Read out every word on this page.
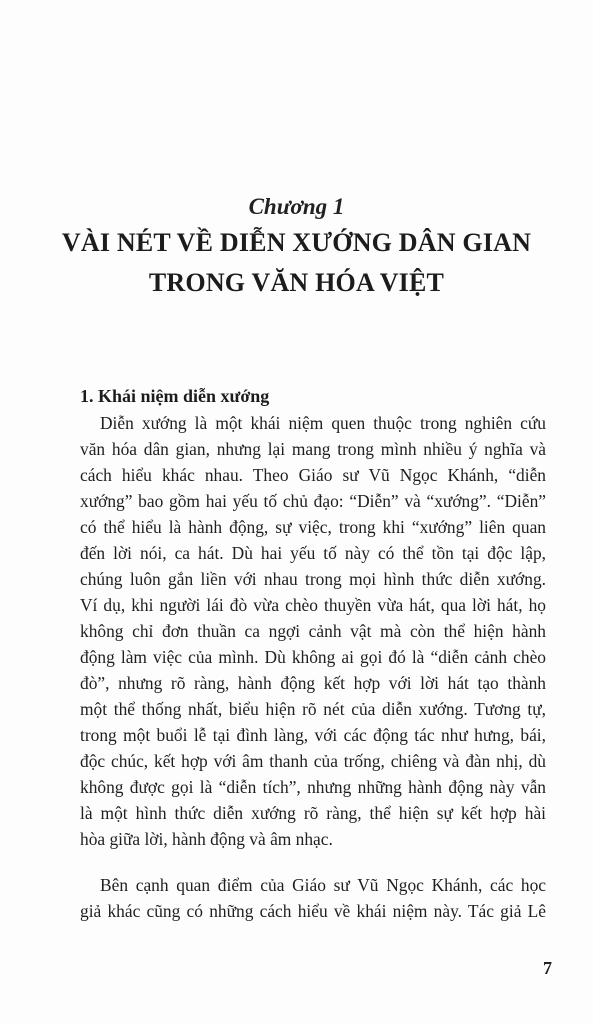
Chương 1
VÀI NÉT VỀ DIỄN XƯỚNG DÂN GIAN
TRONG VĂN HÓA VIỆT
1. Khái niệm diễn xướng
Diễn xướng là một khái niệm quen thuộc trong nghiên cứu
văn hóa dân gian, nhưng lại mang trong mình nhiều ý nghĩa và
cách hiểu khác nhau. Theo Giáo sư Vũ Ngọc Khánh, “diễn
xướng” bao gồm hai yếu tố chủ đạo: “Diễn” và “xướng”. “Diễn”
có thể hiểu là hành động, sự việc, trong khi “xướng” liên quan
đến lời nói, ca hát. Dù hai yếu tố này có thể tồn tại độc lập,
chúng luôn gắn liền với nhau trong mọi hình thức diễn xướng.
Ví dụ, khi người lái đò vừa chèo thuyền vừa hát, qua lời hát, họ
không chỉ đơn thuần ca ngợi cảnh vật mà còn thể hiện hành
động làm việc của mình. Dù không ai gọi đó là “diễn cảnh chèo
đò”, nhưng rõ ràng, hành động kết hợp với lời hát tạo thành
một thể thống nhất, biểu hiện rõ nét của diễn xướng. Tương tự,
trong một buổi lễ tại đình làng, với các động tác như hưng, bái,
độc chúc, kết hợp với âm thanh của trống, chiêng và đàn nhị, dù
không được gọi là “diễn tích”, nhưng những hành động này vẫn
là một hình thức diễn xướng rõ ràng, thể hiện sự kết hợp hài
hòa giữa lời, hành động và âm nhạc.
Bên cạnh quan điểm của Giáo sư Vũ Ngọc Khánh, các học
giả khác cũng có những cách hiểu về khái niệm này. Tác giả Lê
7
